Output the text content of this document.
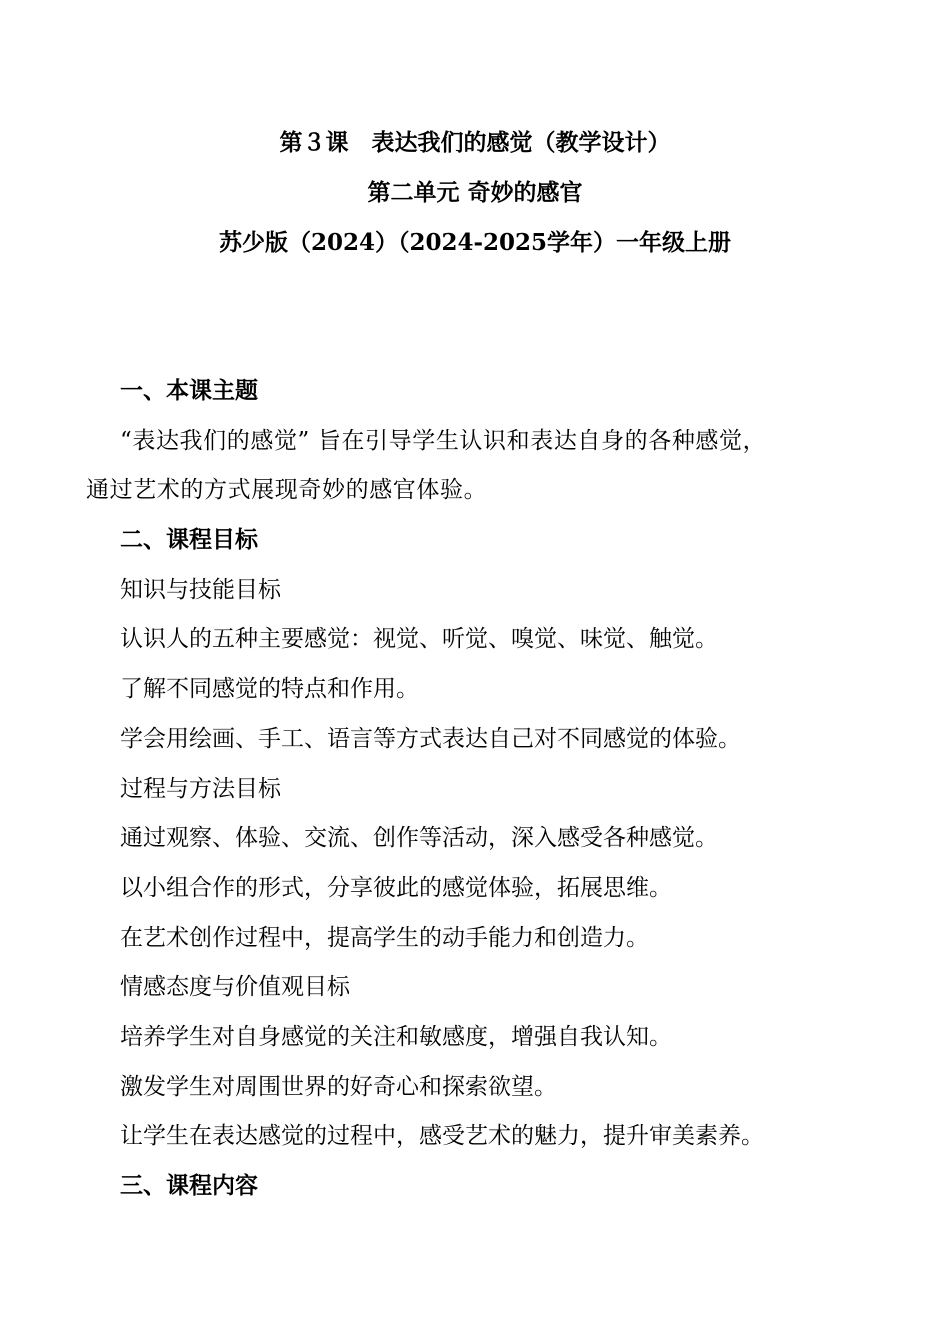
第３课　表达我们的感觉（教学设计）
第二单元 奇妙的感官
苏少版（2024）（2024-2025学年）一年级上册
一、本课主题
“表达我们的感觉” 旨在引导学生认识和表达自身的各种感觉，
通过艺术的方式展现奇妙的感官体验。
二、课程目标
知识与技能目标
认识人的五种主要感觉：视觉、听觉、嗅觉、味觉、触觉。
了解不同感觉的特点和作用。
学会用绘画、手工、语言等方式表达自己对不同感觉的体验。
过程与方法目标
通过观察、体验、交流、创作等活动，深入感受各种感觉。
以小组合作的形式，分享彼此的感觉体验，拓展思维。
在艺术创作过程中，提高学生的动手能力和创造力。
情感态度与价值观目标
培养学生对自身感觉的关注和敏感度，增强自我认知。
激发学生对周围世界的好奇心和探索欲望。
让学生在表达感觉的过程中，感受艺术的魅力，提升审美素养。
三、课程内容
